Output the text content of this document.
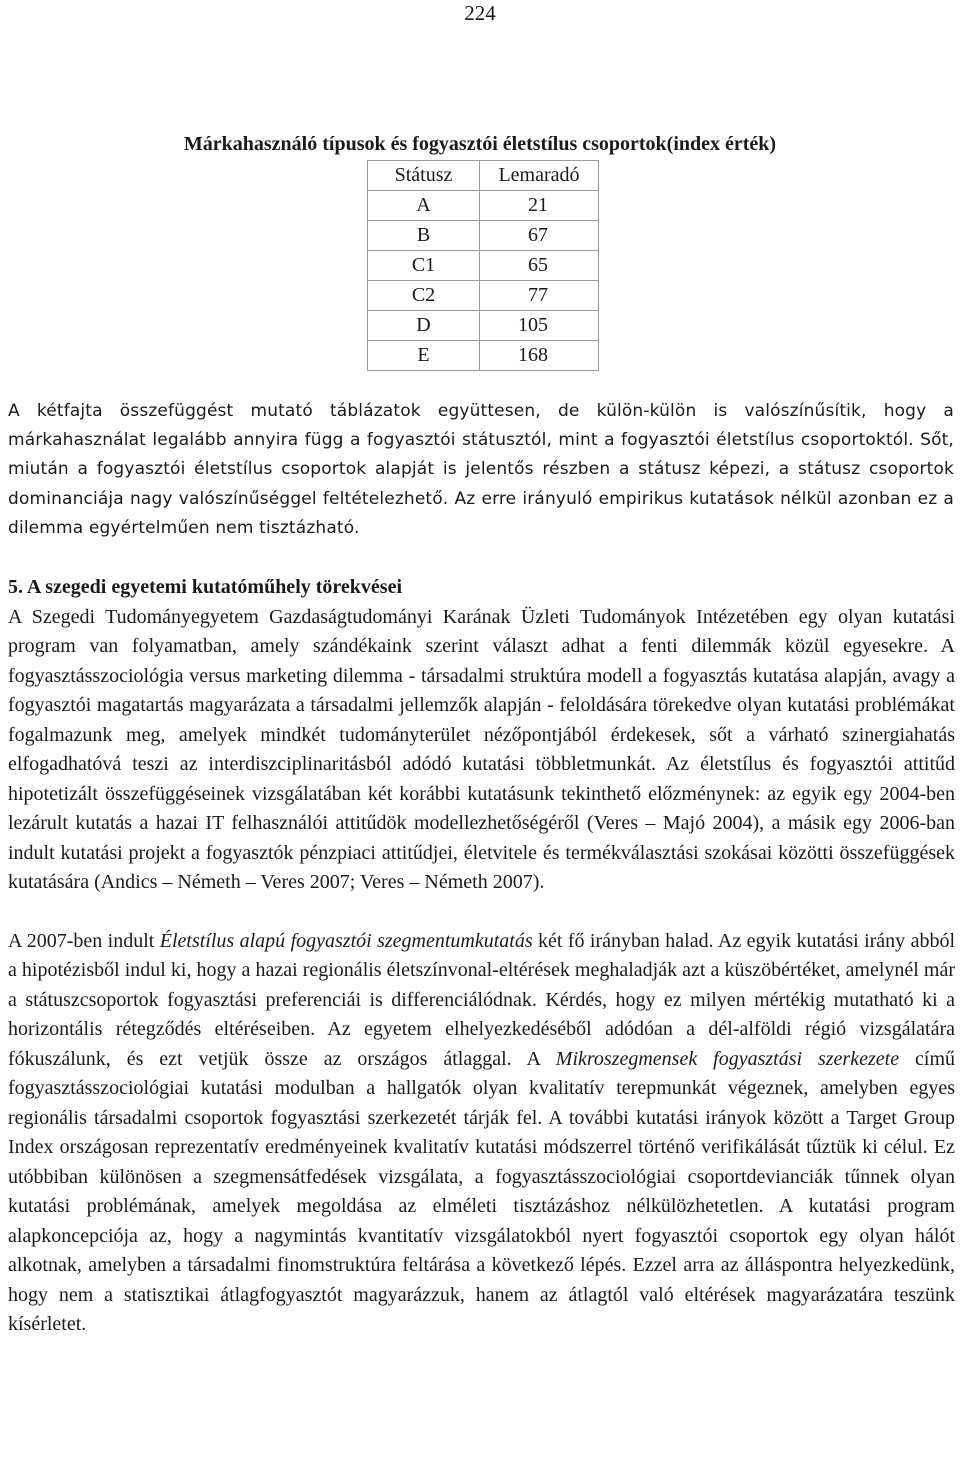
224
Márkahasználó típusok és fogyasztói életstílus csoportok(index érték)
Státusz	Lemaradó
A	21
B	67
C1	65
C2	77
D	105
E	168
A kétfajta összefüggést mutató táblázatok együttesen, de külön-külön is valószínűsítik, hogy a márkahasználat legalább annyira függ a fogyasztói státusztól, mint a fogyasztói életstílus csoportoktól. Sőt, miután a fogyasztói életstílus csoportok alapját is jelentős részben a státusz képezi, a státusz csoportok dominanciája nagy valószínűséggel feltételezhető. Az erre irányuló empirikus kutatások nélkül azonban ez a dilemma egyértelműen nem tisztázható.

5. A szegedi egyetemi kutatóműhely törekvései
A Szegedi Tudományegyetem Gazdaságtudományi Karának Üzleti Tudományok Intézetében egy olyan kutatási program van folyamatban, amely szándékaink szerint választ adhat a fenti dilemmák közül egyesekre. A fogyasztásszociológia versus marketing dilemma - társadalmi struktúra modell a fogyasztás kutatása alapján, avagy a fogyasztói magatartás magyarázata a társadalmi jellemzők alapján - feloldására törekedve olyan kutatási problémákat fogalmazunk meg, amelyek mindkét tudományterület nézőpontjából érdekesek, sőt a várható szinergiahatás elfogadhatóvá teszi az interdiszciplinaritásból adódó kutatási többletmunkát. Az életstílus és fogyasztói attitűd hipotetizált összefüggéseinek vizsgálatában két korábbi kutatásunk tekinthető előzménynek: az egyik egy 2004-ben lezárult kutatás a hazai IT felhasználói attitűdök modellezhetőségéről (Veres – Majó 2004), a másik egy 2006-ban indult kutatási projekt a fogyasztók pénzpiaci attitűdjei, életvitele és termékválasztási szokásai közötti összefüggések kutatására (Andics – Németh – Veres 2007; Veres – Németh 2007).

A 2007-ben indult Életstílus alapú fogyasztói szegmentumkutatás két fő irányban halad. Az egyik kutatási irány abból a hipotézisből indul ki, hogy a hazai regionális életszínvonal-eltérések meghaladják azt a küszöbértéket, amelynél már a státuszcsoportok fogyasztási preferenciái is differenciálódnak. Kérdés, hogy ez milyen mértékig mutatható ki a horizontális rétegződés eltéréseiben. Az egyetem elhelyezkedéséből adódóan a dél-alföldi régió vizsgálatára fókuszálunk, és ezt vetjük össze az országos átlaggal. A Mikroszegmensek fogyasztási szerkezete című fogyasztásszociológiai kutatási modulban a hallgatók olyan kvalitatív terepmunkát végeznek, amelyben egyes regionális társadalmi csoportok fogyasztási szerkezetét tárják fel. A további kutatási irányok között a Target Group Index országosan reprezentatív eredményeinek kvalitatív kutatási módszerrel történő verifikálását tűztük ki célul. Ez utóbbiban különösen a szegmensátfedések vizsgálata, a fogyasztásszociológiai csoportdevianciák tűnnek olyan kutatási problémának, amelyek megoldása az elméleti tisztázáshoz nélkülözhetetlen. A kutatási program alapkoncepciója az, hogy a nagymintás kvantitatív vizsgálatokból nyert fogyasztói csoportok egy olyan hálót alkotnak, amelyben a társadalmi finomstruktúra feltárása a következő lépés. Ezzel arra az álláspontra helyezkedünk, hogy nem a statisztikai átlagfogyasztót magyarázzuk, hanem az átlagtól való eltérések magyarázatára teszünk kísérletet.
